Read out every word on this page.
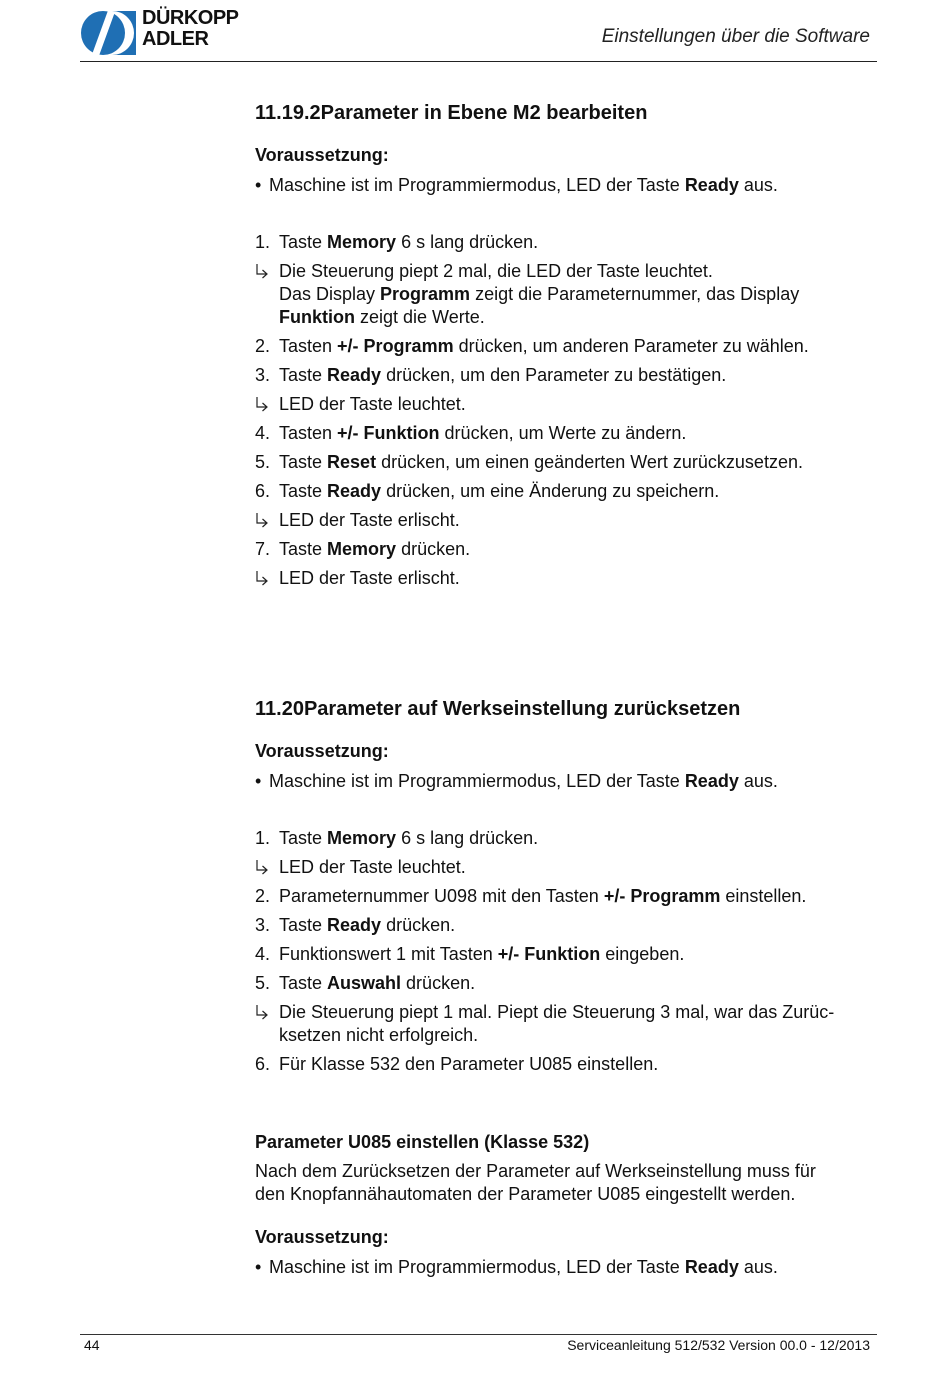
DÜRKOPP
ADLER	Einstellungen über die Software
11.19.2Parameter in Ebene M2 bearbeiten
Voraussetzung:
• Maschine ist im Programmiermodus, LED der Taste Ready aus.
1. Taste Memory 6 s lang drücken.
Die Steuerung piept 2 mal, die LED der Taste leuchtet.
Das Display Programm zeigt die Parameternummer, das Display
Funktion zeigt die Werte.
2. Tasten +/- Programm drücken, um anderen Parameter zu wählen.
3. Taste Ready drücken, um den Parameter zu bestätigen.
LED der Taste leuchtet.
4. Tasten +/- Funktion drücken, um Werte zu ändern.
5. Taste Reset drücken, um einen geänderten Wert zurückzusetzen.
6. Taste Ready drücken, um eine Änderung zu speichern.
LED der Taste erlischt.
7. Taste Memory drücken.
LED der Taste erlischt.
11.20Parameter auf Werkseinstellung zurücksetzen
Voraussetzung:
• Maschine ist im Programmiermodus, LED der Taste Ready aus.
1. Taste Memory 6 s lang drücken.
LED der Taste leuchtet.
2. Parameternummer U098 mit den Tasten +/- Programm einstellen.
3. Taste Ready drücken.
4. Funktionswert 1 mit Tasten +/- Funktion eingeben.
5. Taste Auswahl drücken.
Die Steuerung piept 1 mal. Piept die Steuerung 3 mal, war das Zurüc-
ksetzen nicht erfolgreich.
6. Für Klasse 532 den Parameter U085 einstellen.
Parameter U085 einstellen (Klasse 532)
Nach dem Zurücksetzen der Parameter auf Werkseinstellung muss für
den Knopfannähautomaten der Parameter U085 eingestellt werden.
Voraussetzung:
• Maschine ist im Programmiermodus, LED der Taste Ready aus.
44	Serviceanleitung 512/532 Version 00.0 - 12/2013
